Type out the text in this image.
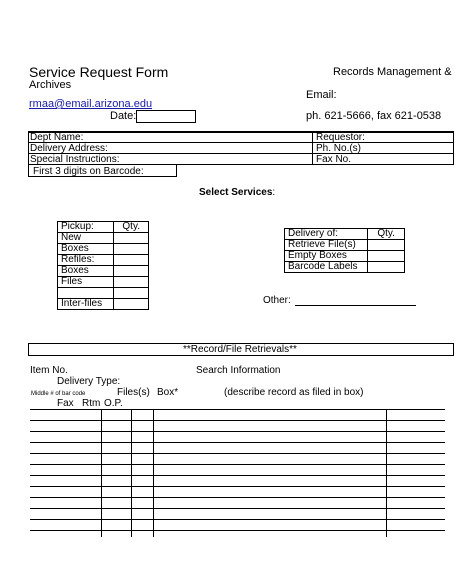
Service Request Form	Records Management &
Archives
Email:
rmaa@email.arizona.edu
Date:	ph. 621-5666, fax 621-0538
Dept Name:	Requestor:
Delivery Address:	Ph. No.(s)
Special Instructions:	Fax No.
First 3 digits on Barcode:
Select Services:
Pickup:	Qty.
New	
Boxes	
Refiles:	
Boxes	
Files	

Inter-files	
Delivery of:	Qty.
Retrieve File(s)	
Empty Boxes	
Barcode Labels	
Other:
**Record/File Retrievals**
Item No.	Search Information
Delivery Type:
Middle # of bar code	Files(s) Box*	(describe record as filed in box)
Fax Rtm O.P.
